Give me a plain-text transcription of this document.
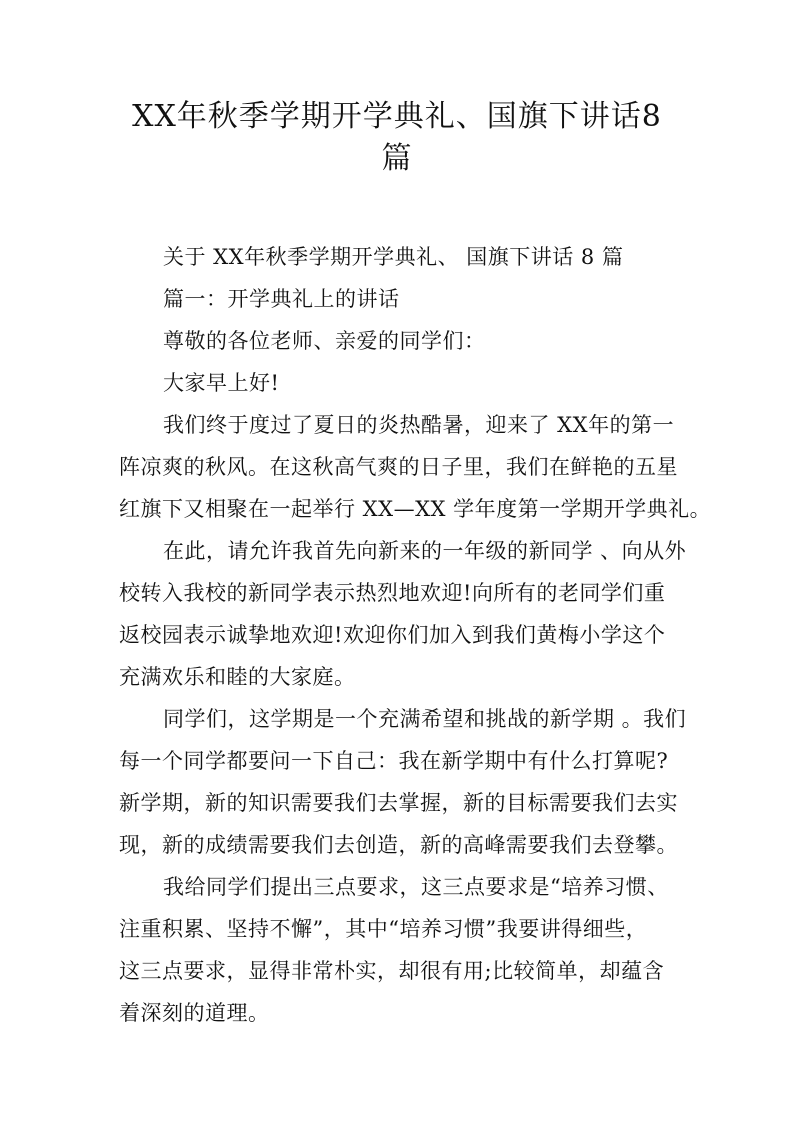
XX年秋季学期开学典礼、国旗下讲话8
篇
关于 XX年秋季学期开学典礼、 国旗下讲话 8 篇
篇一：开学典礼上的讲话
尊敬的各位老师、亲爱的同学们：
大家早上好!
我们终于度过了夏日的炎热酷暑，迎来了 XX年的第一
阵凉爽的秋风。在这秋高气爽的日子里，我们在鲜艳的五星
红旗下又相聚在一起举行 XX—XX 学年度第一学期开学典礼。
在此，请允许我首先向新来的一年级的新同学 、向从外
校转入我校的新同学表示热烈地欢迎!向所有的老同学们重
返校园表示诚挚地欢迎!欢迎你们加入到我们黄梅小学这个
充满欢乐和睦的大家庭。
同学们，这学期是一个充满希望和挑战的新学期 。我们
每一个同学都要问一下自己：我在新学期中有什么打算呢?
新学期，新的知识需要我们去掌握，新的目标需要我们去实
现，新的成绩需要我们去创造，新的高峰需要我们去登攀。
我给同学们提出三点要求，这三点要求是“培养习惯、
注重积累、坚持不懈”，其中“培养习惯”我要讲得细些，
这三点要求，显得非常朴实，却很有用;比较简单，却蕴含
着深刻的道理。
